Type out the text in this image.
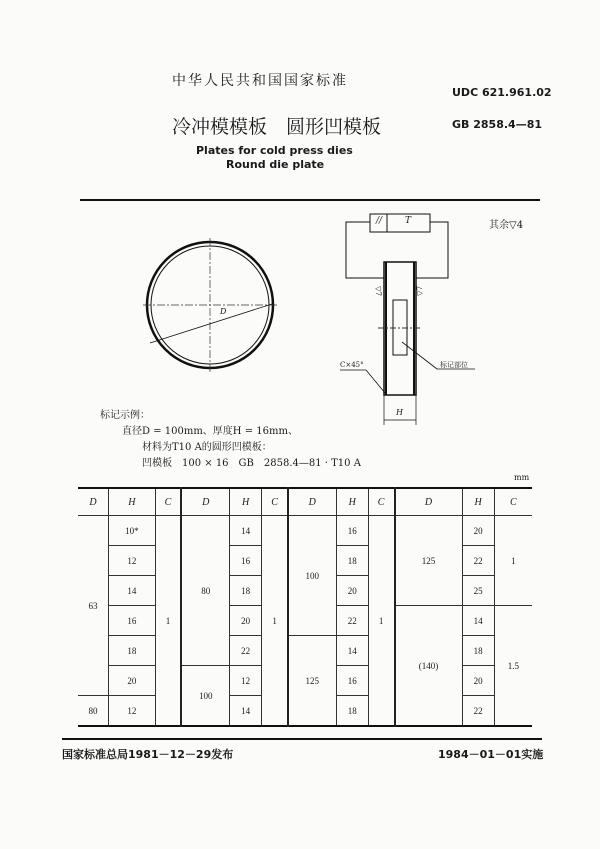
中华人民共和国国家标准
UDC 621.961.02
冷冲模模板　圆形凹模板	GB 2858.4—81
Plates for cold press dies
Round die plate
D
其余▽4
//	T
▽7	▽7
C×45°	标记部位
H
标记示例：
直径D = 100mm、厚度H = 16mm、
材料为T10 A的圆形凹模板：
凹模板　100 × 16　GB　2858.4—81 · T10 A
mm
D	H	C	D	H	C	D	H	C	D	H	C
63	10*	1	80	14	1	100	16	1	125	20	1
	12			16			18			22	
	14			18			20			25	
	16			20			22		(140)	14	1.5
	18			22		125	14			18	
	20		100	12			16			20	
80	12			14			18			22	
国家标准总局1981－12－29发布	1984－01－01实施
